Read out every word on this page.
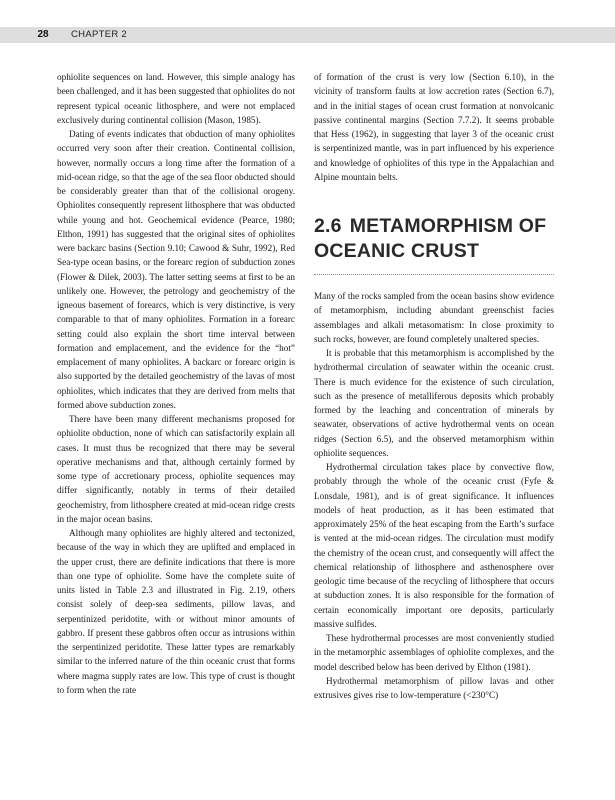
28	CHAPTER 2

ophiolite sequences on land. However, this simple analogy has been challenged, and it has been suggested that ophiolites do not represent typical oceanic lithosphere, and were not emplaced exclusively during continental collision (Mason, 1985).

Dating of events indicates that obduction of many ophiolites occurred very soon after their creation. Continental collision, however, normally occurs a long time after the formation of a mid-ocean ridge, so that the age of the sea floor obducted should be considerably greater than that of the collisional orogeny. Ophiolites consequently represent lithosphere that was obducted while young and hot. Geochemical evidence (Pearce, 1980; Elthon, 1991) has suggested that the original sites of ophiolites were backarc basins (Section 9.10; Cawood & Suhr, 1992), Red Sea-type ocean basins, or the forearc region of subduction zones (Flower & Dilek, 2003). The latter setting seems at first to be an unlikely one. However, the petrology and geochemistry of the igneous basement of forearcs, which is very distinctive, is very comparable to that of many ophiolites. Formation in a forearc setting could also explain the short time interval between formation and emplacement, and the evidence for the “hot” emplacement of many ophiolites. A backarc or forearc origin is also supported by the detailed geochemistry of the lavas of most ophiolites, which indicates that they are derived from melts that formed above subduction zones.

There have been many different mechanisms proposed for ophiolite obduction, none of which can satisfactorily explain all cases. It must thus be recognized that there may be several operative mechanisms and that, although certainly formed by some type of accretionary process, ophiolite sequences may differ significantly, notably in terms of their detailed geochemistry, from lithosphere created at mid-ocean ridge crests in the major ocean basins.

Although many ophiolites are highly altered and tectonized, because of the way in which they are uplifted and emplaced in the upper crust, there are definite indications that there is more than one type of ophiolite. Some have the complete suite of units listed in Table 2.3 and illustrated in Fig. 2.19, others consist solely of deep-sea sediments, pillow lavas, and serpentinized peridotite, with or without minor amounts of gabbro. If present these gabbros often occur as intrusions within the serpentinized peridotite. These latter types are remarkably similar to the inferred nature of the thin oceanic crust that forms where magma supply rates are low. This type of crust is thought to form when the rate

of formation of the crust is very low (Section 6.10), in the vicinity of transform faults at low accretion rates (Section 6.7), and in the initial stages of ocean crust formation at nonvolcanic passive continental margins (Section 7.7.2). It seems probable that Hess (1962), in suggesting that layer 3 of the oceanic crust is serpentinized mantle, was in part influenced by his experience and knowledge of ophiolites of this type in the Appalachian and Alpine mountain belts.

2.6 METAMORPHISM OF OCEANIC CRUST

Many of the rocks sampled from the ocean basins show evidence of metamorphism, including abundant greenschist facies assemblages and alkali metasomatism: In close proximity to such rocks, however, are found completely unaltered species.

It is probable that this metamorphism is accomplished by the hydrothermal circulation of seawater within the oceanic crust. There is much evidence for the existence of such circulation, such as the presence of metalliferous deposits which probably formed by the leaching and concentration of minerals by seawater, observations of active hydrothermal vents on ocean ridges (Section 6.5), and the observed metamorphism within ophiolite sequences.

Hydrothermal circulation takes place by convective flow, probably through the whole of the oceanic crust (Fyfe & Lonsdale, 1981), and is of great significance. It influences models of heat production, as it has been estimated that approximately 25% of the heat escaping from the Earth’s surface is vented at the mid-ocean ridges. The circulation must modify the chemistry of the ocean crust, and consequently will affect the chemical relationship of lithosphere and asthenosphere over geologic time because of the recycling of lithosphere that occurs at subduction zones. It is also responsible for the formation of certain economically important ore deposits, particularly massive sulfides.

These hydrothermal processes are most conveniently studied in the metamorphic assemblages of ophiolite complexes, and the model described below has been derived by Elthon (1981).

Hydrothermal metamorphism of pillow lavas and other extrusives gives rise to low-temperature (<230°C)
